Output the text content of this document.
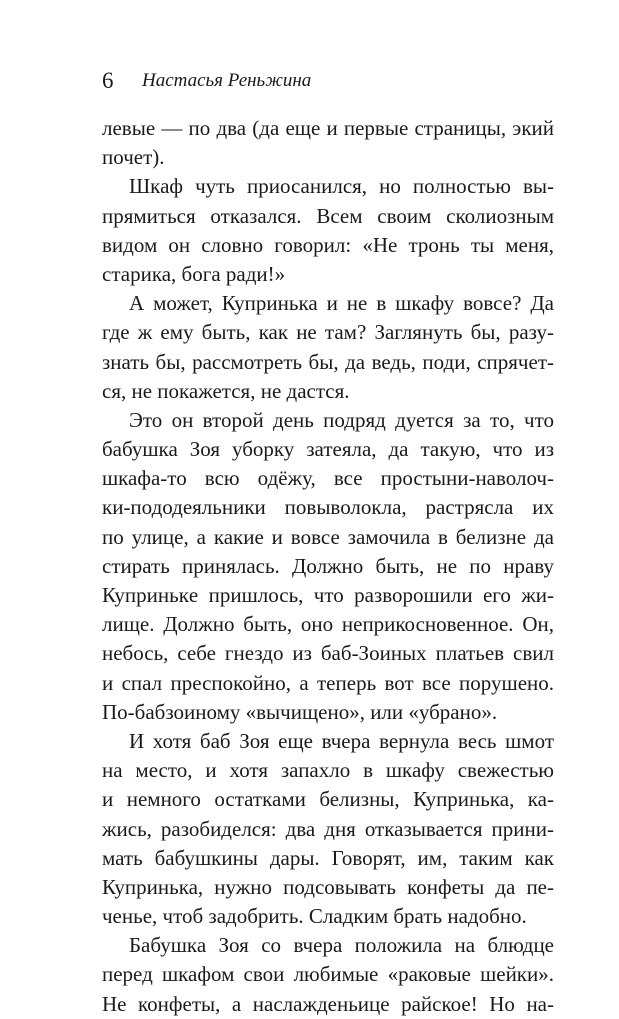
6 Настасья Реньжина
левые — по два (да еще и первые страницы, экий
почет).
Шкаф чуть приосанился, но полностью вы-
прямиться отказался. Всем своим сколиозным
видом он словно говорил: «Не тронь ты меня,
старика, бога ради!»
А может, Купринька и не в шкафу вовсе? Да
где ж ему быть, как не там? Заглянуть бы, разу-
знать бы, рассмотреть бы, да ведь, поди, спрячет-
ся, не покажется, не дастся.
Это он второй день подряд дуется за то, что
бабушка Зоя уборку затеяла, да такую, что из
шкафа-то всю одёжу, все простыни-наволоч-
ки-пододеяльники повыволокла, растрясла их
по улице, а какие и вовсе замочила в белизне да
стирать принялась. Должно быть, не по нраву
Купринькe пришлось, что разворошили его жи-
лище. Должно быть, оно неприкосновенное. Он,
небось, себе гнездо из баб-Зоиных платьев свил
и спал преспокойно, а теперь вот все порушено.
По-бабзоиному «вычищено», или «убрано».
И хотя баб Зоя еще вчера вернула весь шмот
на место, и хотя запахло в шкафу свежестью
и немного остатками белизны, Купринька, ка-
жись, разобиделся: два дня отказывается прини-
мать бабушкины дары. Говорят, им, таким как
Купринька, нужно подсовывать конфеты да пе-
ченье, чтоб задобрить. Сладким брать надобно.
Бабушка Зоя со вчера положила на блюдце
перед шкафом свои любимые «раковые шейки».
Не конфеты, а наслажденьице райское! Но на-
